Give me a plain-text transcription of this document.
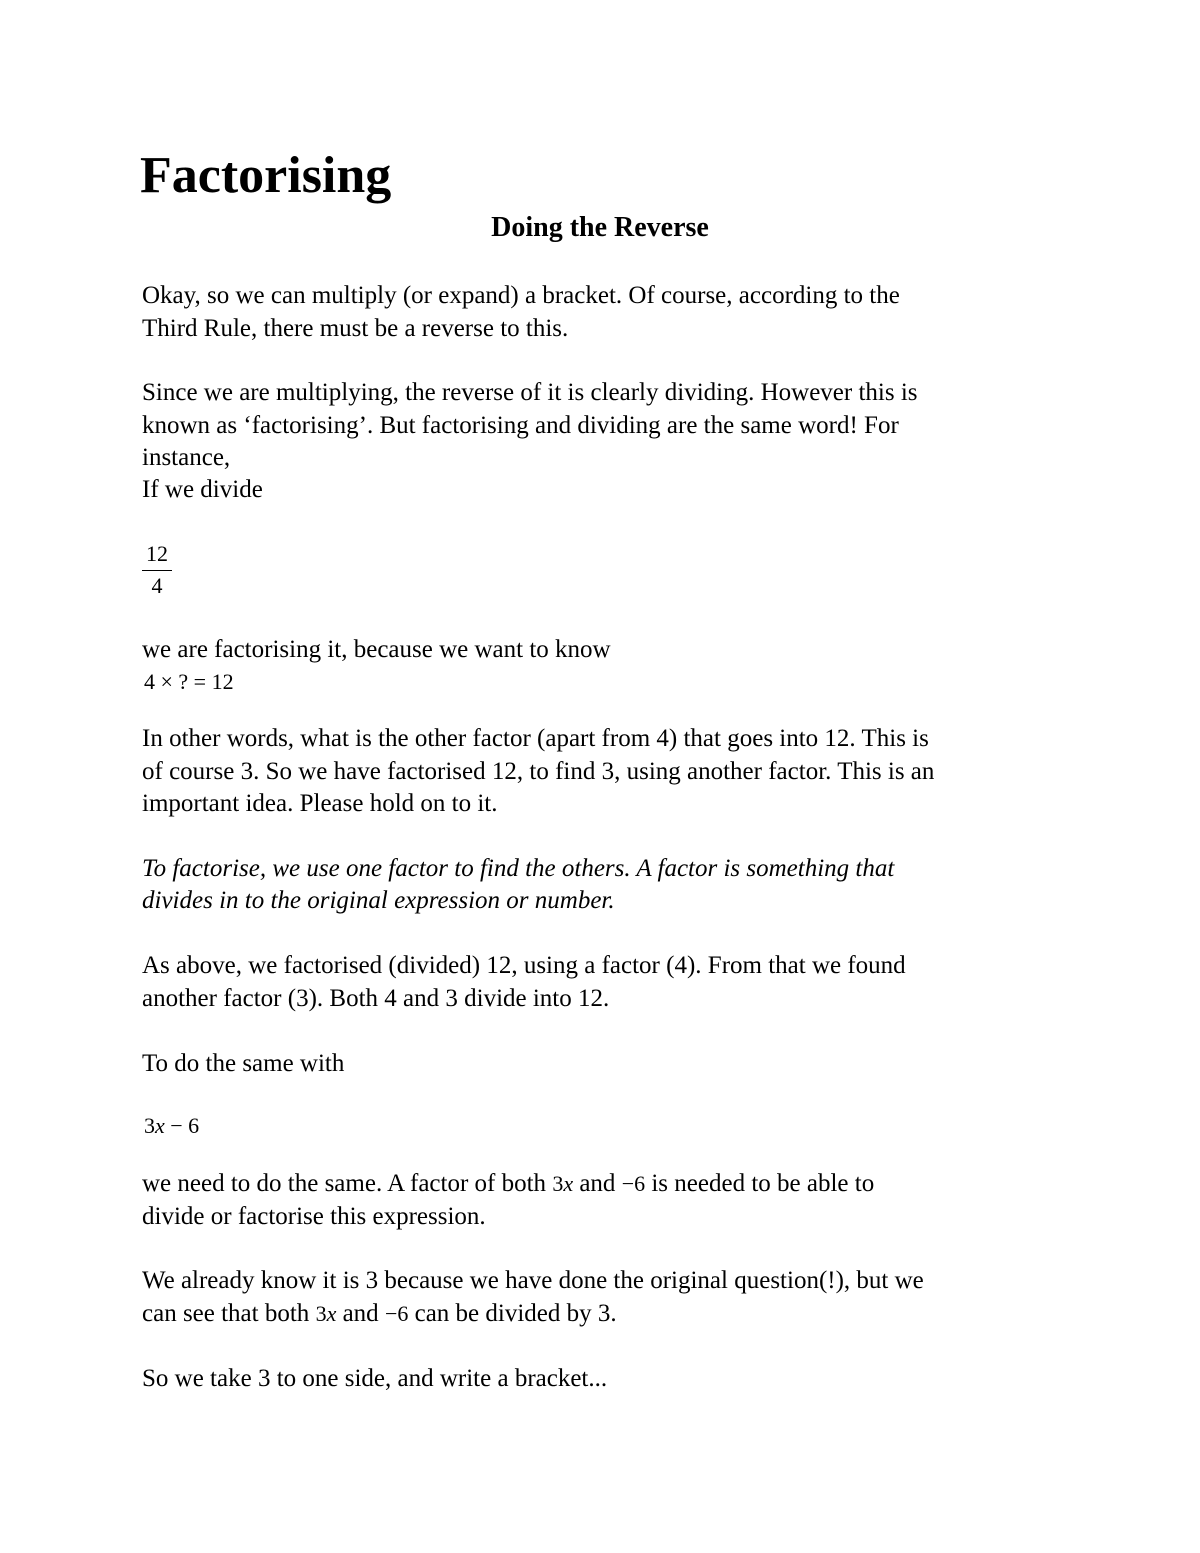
Factorising
Doing the Reverse
Okay, so we can multiply (or expand) a bracket. Of course, according to the
Third Rule, there must be a reverse to this.
Since we are multiplying, the reverse of it is clearly dividing. However this is
known as ‘factorising’. But factorising and dividing are the same word! For
instance,
If we divide
12
4
we are factorising it, because we want to know
4 × ? = 12
In other words, what is the other factor (apart from 4) that goes into 12. This is
of course 3. So we have factorised 12, to find 3, using another factor. This is an
important idea. Please hold on to it.
To factorise, we use one factor to find the others. A factor is something that
divides in to the original expression or number.
As above, we factorised (divided) 12, using a factor (4). From that we found
another factor (3). Both 4 and 3 divide into 12.
To do the same with
3x − 6
we need to do the same. A factor of both 3x and −6 is needed to be able to
divide or factorise this expression.
We already know it is 3 because we have done the original question(!), but we
can see that both 3x and −6 can be divided by 3.
So we take 3 to one side, and write a bracket...
